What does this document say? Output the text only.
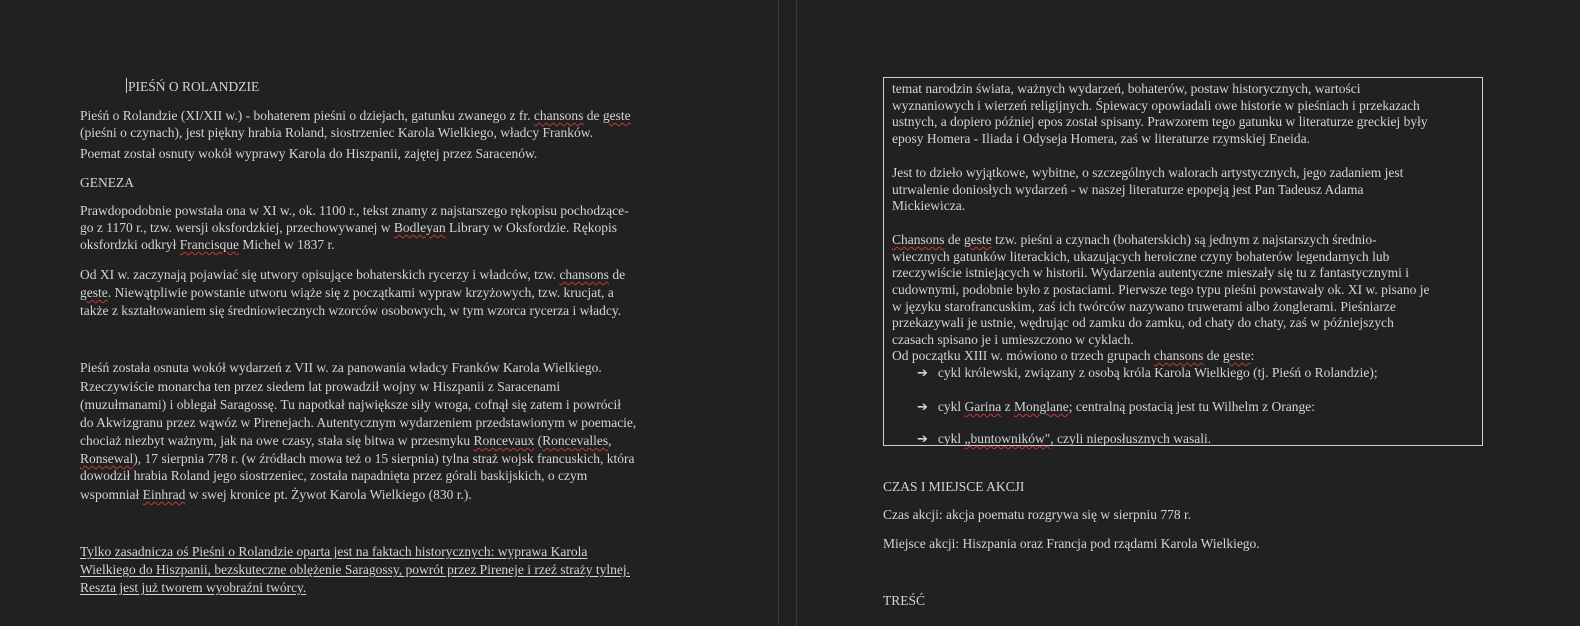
PIEŚŃ O ROLANDZIE

Pieśń o Rolandzie (XI/XII w.) - bohaterem pieśni o dziejach, gatunku zwanego z fr. chansons de geste

(pieśni o czynach), jest piękny hrabia Roland, siostrzeniec Karola Wielkiego, władcy Franków.

Poemat został osnuty wokół wyprawy Karola do Hiszpanii, zajętej przez Saracenów.

GENEZA

Prawdopodobnie powstała ona w XI w., ok. 1100 r., tekst znamy z najstarszego rękopisu pochodzące-

go z 1170 r., tzw. wersji oksfordzkiej, przechowywanej w Bodleyan Library w Oksfordzie. Rękopis

oksfordzki odkrył Francisque Michel w 1837 r.

Od XI w. zaczynają pojawiać się utwory opisujące bohaterskich rycerzy i władców, tzw. chansons de

geste. Niewątpliwie powstanie utworu wiąże się z początkami wypraw krzyżowych, tzw. krucjat, a

także z kształtowaniem się średniowiecznych wzorców osobowych, w tym wzorca rycerza i władcy.

Pieśń została osnuta wokół wydarzeń z VII w. za panowania władcy Franków Karola Wielkiego.

Rzeczywiście monarcha ten przez siedem lat prowadził wojny w Hiszpanii z Saracenami

(muzułmanami) i oblegał Saragossę. Tu napotkał największe siły wroga, cofnął się zatem i powrócił

do Akwizgranu przez wąwóz w Pirenejach. Autentycznym wydarzeniem przedstawionym w poemacie,

chociaż niezbyt ważnym, jak na owe czasy, stała się bitwa w przesmyku Roncevaux (Roncevalles,

Ronsewal), 17 sierpnia 778 r. (w źródłach mowa też o 15 sierpnia) tylna straż wojsk francuskich, która

dowodził hrabia Roland jego siostrzeniec, została napadnięta przez górali baskijskich, o czym

wspomniał Einhrad w swej kronice pt. Żywot Karola Wielkiego (830 r.).

Tylko zasadnicza oś Pieśni o Rolandzie oparta jest na faktach historycznych: wyprawa Karola

Wielkiego do Hiszpanii, bezskuteczne oblężenie Saragossy, powrót przez Pireneje i rzeź straży tylnej.

Reszta jest już tworem wyobraźni twórcy.

temat narodzin świata, ważnych wydarzeń, bohaterów, postaw historycznych, wartości

wyznaniowych i wierzeń religijnych. Śpiewacy opowiadali owe historie w pieśniach i przekazach

ustnych, a dopiero później epos został spisany. Prawzorem tego gatunku w literaturze greckiej były

eposy Homera - Iliada i Odyseja Homera, zaś w literaturze rzymskiej Eneida.

Jest to dzieło wyjątkowe, wybitne, o szczególnych walorach artystycznych, jego zadaniem jest

utrwalenie doniosłych wydarzeń - w naszej literaturze epopeją jest Pan Tadeusz Adama

Mickiewicza.

Chansons de geste tzw. pieśni a czynach (bohaterskich) są jednym z najstarszych średnio-

wiecznych gatunków literackich, ukazujących heroiczne czyny bohaterów legendarnych lub

rzeczywiście istniejących w historii. Wydarzenia autentyczne mieszały się tu z fantastycznymi i

cudownymi, podobnie było z postaciami. Pierwsze tego typu pieśni powstawały ok. XI w. pisano je

w języku starofrancuskim, zaś ich twórców nazywano truwerami albo żonglerami. Pieśniarze

przekazywali je ustnie, wędrując od zamku do zamku, od chaty do chaty, zaś w późniejszych

czasach spisano je i umieszczono w cyklach.

Od początku XIII w. mówiono o trzech grupach chansons de geste:

➔ cykl królewski, związany z osobą króla Karola Wielkiego (tj. Pieśń o Rolandzie);

➔ cykl Garina z Monglane; centralną postacią jest tu Wilhelm z Orange:

➔ cykl „buntowników", czyli nieposłusznych wasali.

CZAS I MIEJSCE AKCJI

Czas akcji: akcja poematu rozgrywa się w sierpniu 778 r.

Miejsce akcji: Hiszpania oraz Francja pod rządami Karola Wielkiego.

TREŚĆ
